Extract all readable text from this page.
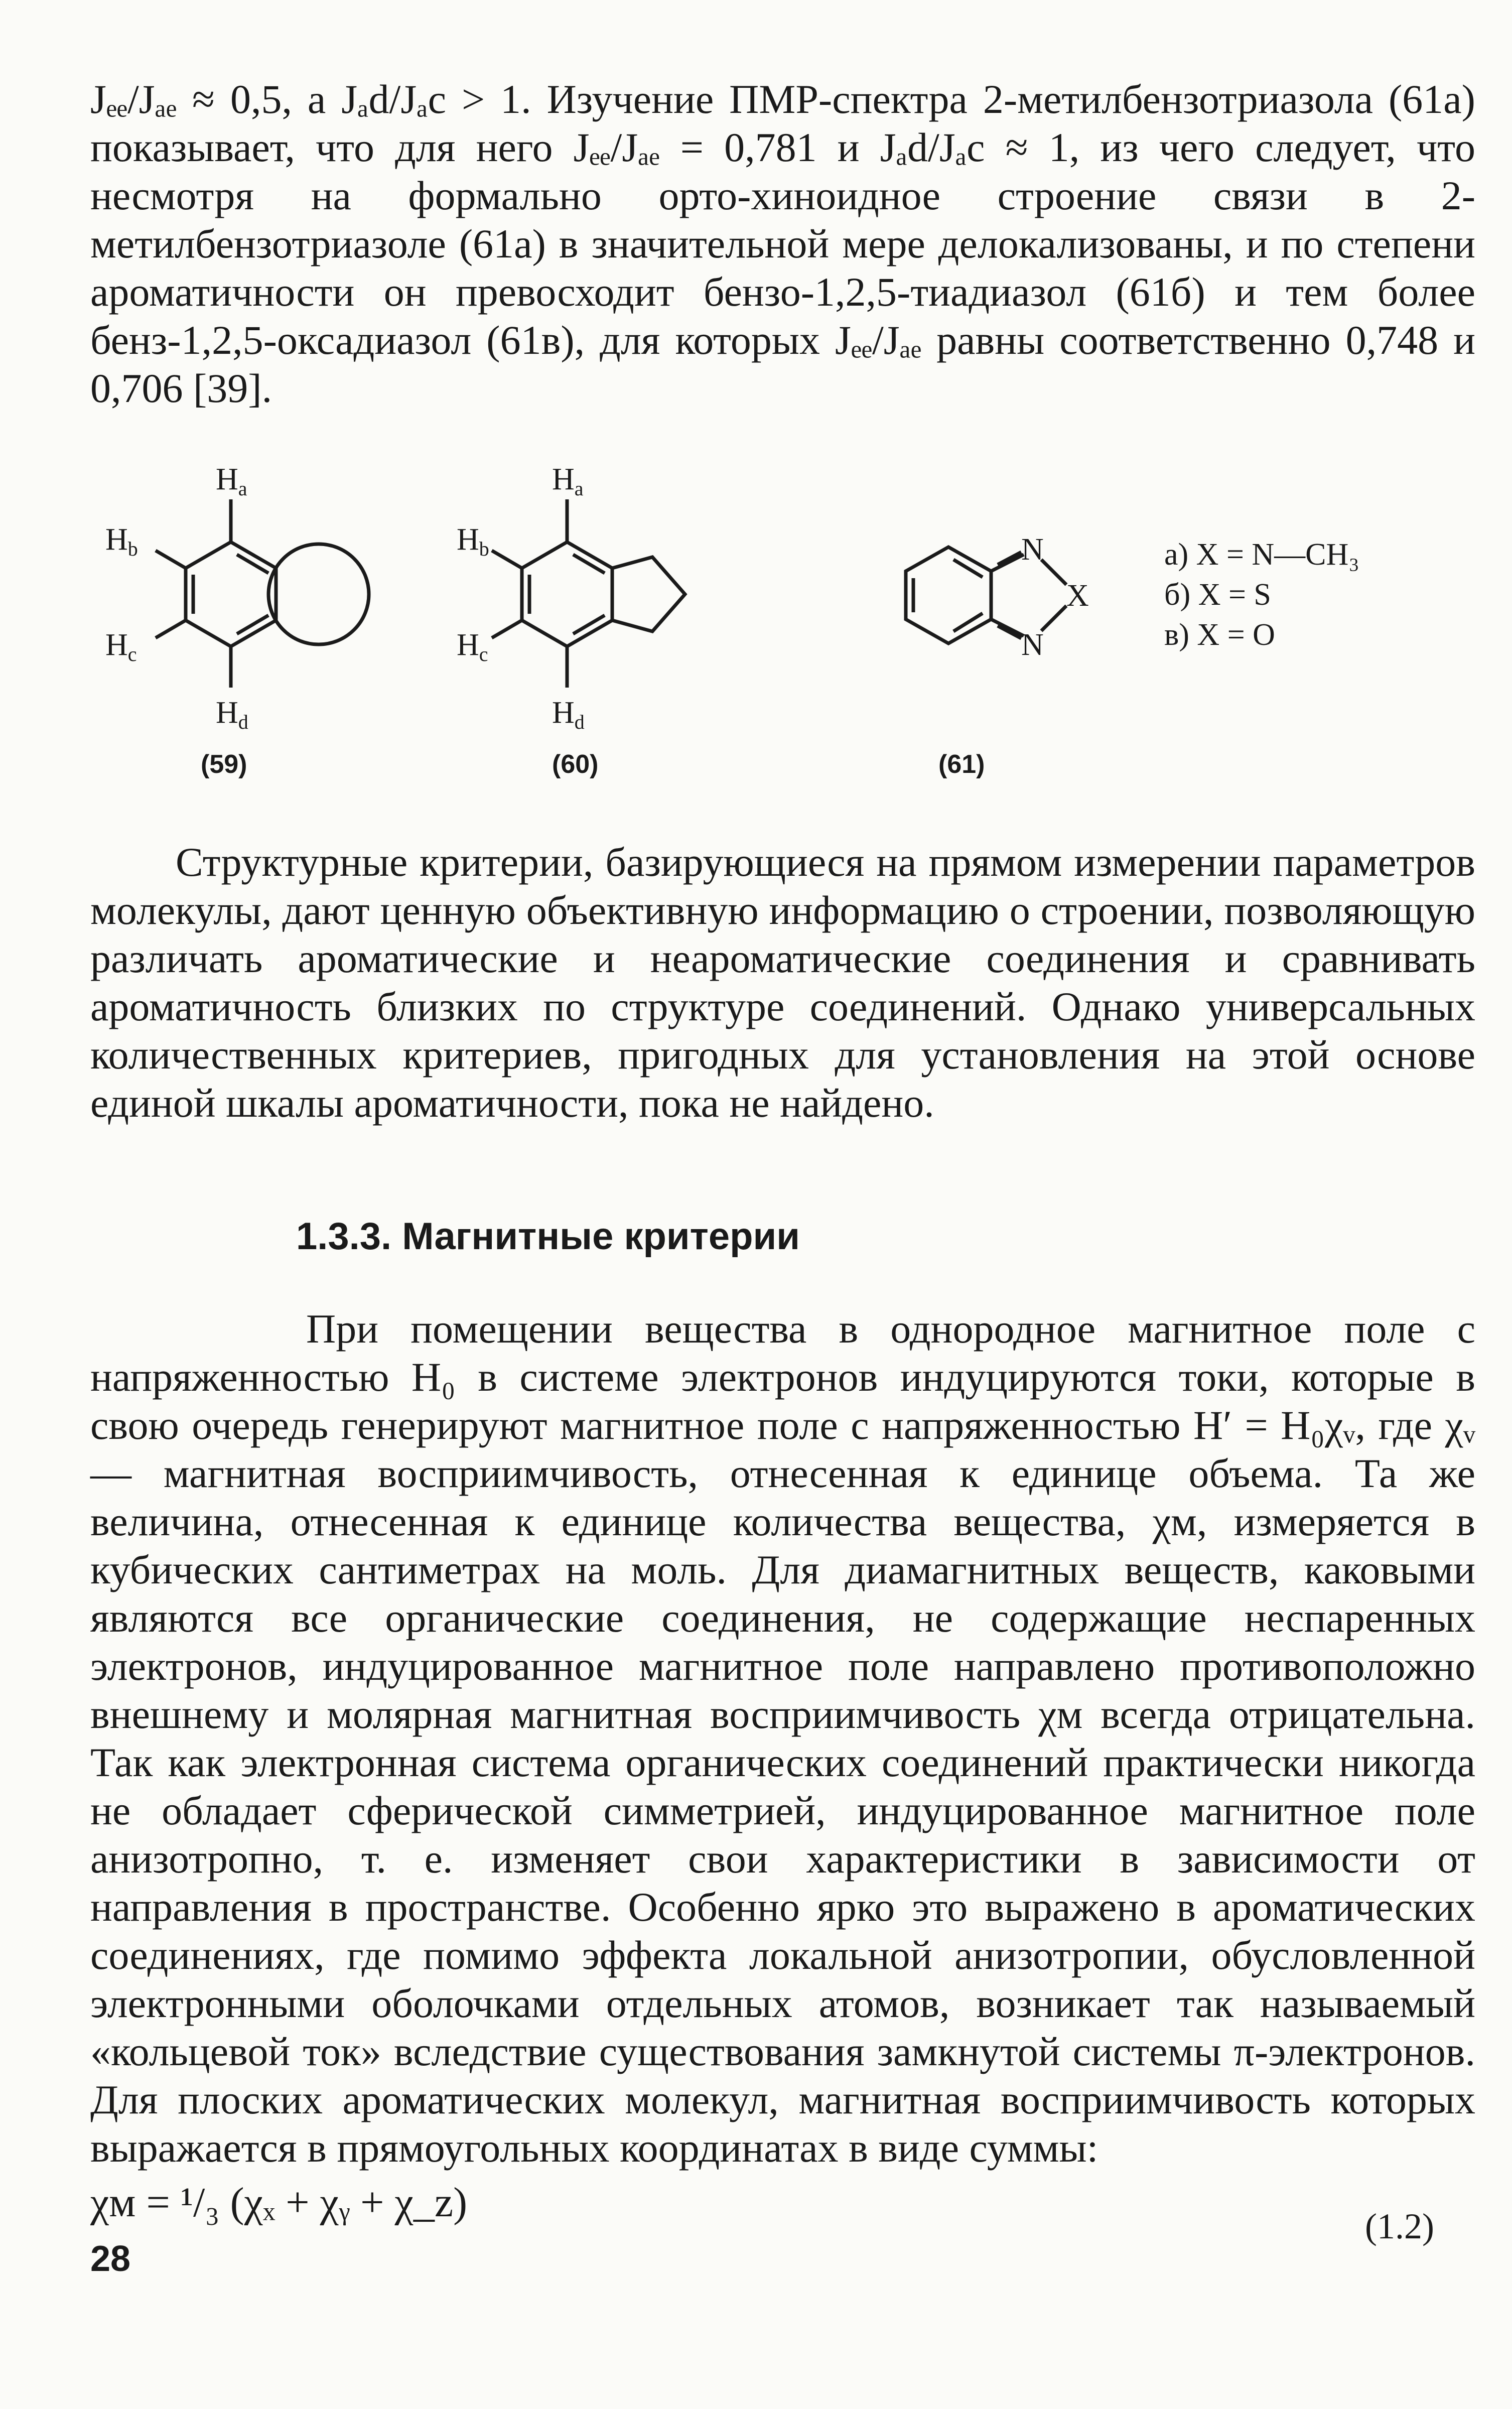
Jₑₑ/Jₐₑ ≈ 0,5, а Jₐd/Jₐc > 1. Изучение ПМР-спектра 2-метилбензотриазола (61а) показывает, что для него Jₑₑ/Jₐₑ = 0,781 и Jₐd/Jₐc ≈ 1, из чего следует, что несмотря на формально орто-хиноидное строение связи в 2-метилбензотриазоле (61а) в значительной мере делокализованы, и по степени ароматичности он превосходит бензо-1,2,5-тиадиазол (61б) и тем более бенз-1,2,5-оксадиазол (61в), для которых Jₑₑ/Jₐₑ равны соответственно 0,748 и 0,706 [39].
Ha
Hb
Hc
Hd
(59)
Ha
Hb
Hc
Hd
(60)
N
N
X
(61)
а) X = N—CH₃
б) X = S
в) X = O
Структурные критерии, базирующиеся на прямом измерении параметров молекулы, дают ценную объективную информацию о строении, позволяющую различать ароматические и неароматические соединения и сравнивать ароматичность близких по структуре соединений. Однако универсальных количественных критериев, пригодных для установления на этой основе единой шкалы ароматичности, пока не найдено.
1.3.3. Магнитные критерии
При помещении вещества в однородное магнитное поле с напряженностью H₀ в системе электронов индуцируются токи, которые в свою очередь генерируют магнитное поле с напряженностью H′ = H₀χᵥ, где χᵥ — магнитная восприимчивость, отнесенная к единице объема. Та же величина, отнесенная к единице количества вещества, χм, измеряется в кубических сантиметрах на моль. Для диамагнитных веществ, каковыми являются все органические соединения, не содержащие неспаренных электронов, индуцированное магнитное поле направлено противоположно внешнему и молярная магнитная восприимчивость χм всегда отрицательна. Так как электронная система органических соединений практически никогда не обладает сферической симметрией, индуцированное магнитное поле анизотропно, т. е. изменяет свои характеристики в зависимости от направления в пространстве. Особенно ярко это выражено в ароматических соединениях, где помимо эффекта локальной анизотропии, обусловленной электронными оболочками отдельных атомов, возникает так называемый «кольцевой ток» вследствие существования замкнутой системы π-электронов. Для плоских ароматических молекул, магнитная восприимчивость которых выражается в прямоугольных координатах в виде суммы:
χм = ¹/₃ (χₓ + χᵧ + χ_z)
(1.2)
28
